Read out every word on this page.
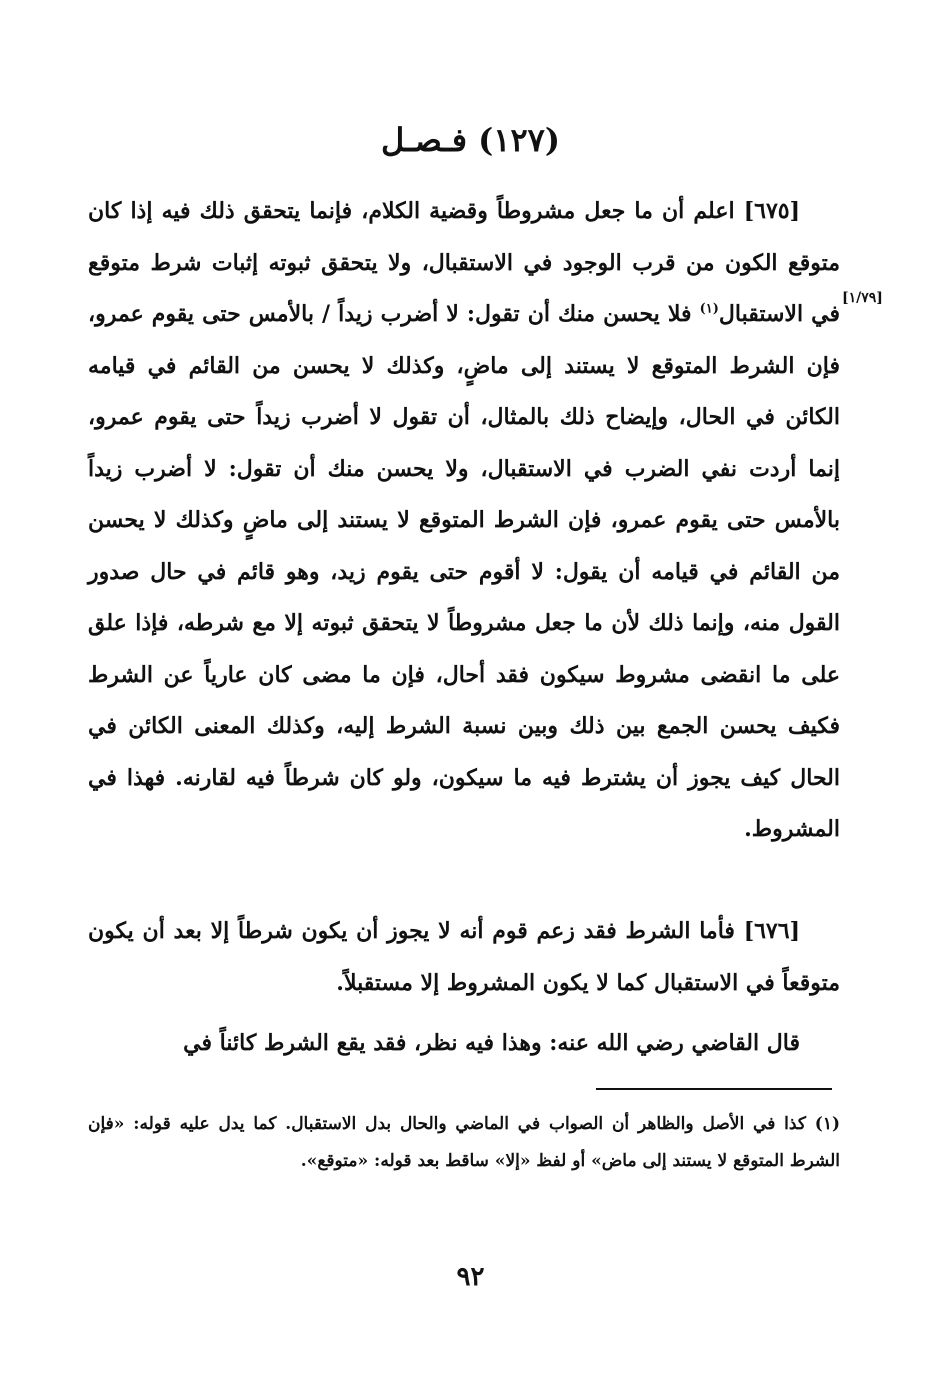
(١٢٧) فـصـل
[١/٧٩]

[٦٧٥] اعلم أن ما جعل مشروطاً وقضية الكلام، فإنما يتحقق ذلك فيه إذا كان متوقع الكون من قرب الوجود في الاستقبال، ولا يتحقق ثبوته إثبات شرط متوقع في الاستقبال$^{(١)}$ فلا يحسن منك أن تقول: لا أضرب زيداً / بالأمس حتى يقوم عمرو، فإن الشرط المتوقع لا يستند إلى ماضٍ، وكذلك لا يحسن من القائم في قيامه الكائن في الحال، وإيضاح ذلك بالمثال، أن تقول لا أضرب زيداً حتى يقوم عمرو، إنما أردت نفي الضرب في الاستقبال، ولا يحسن منك أن تقول: لا أضرب زيداً بالأمس حتى يقوم عمرو، فإن الشرط المتوقع لا يستند إلى ماضٍ وكذلك لا يحسن من القائم في قيامه أن يقول: لا أقوم حتى يقوم زيد، وهو قائم في حال صدور القول منه، وإنما ذلك لأن ما جعل مشروطاً لا يتحقق ثبوته إلا مع شرطه، فإذا علق على ما انقضى مشروط سيكون فقد أحال، فإن ما مضى كان عارياً عن الشرط فكيف يحسن الجمع بين ذلك وبين نسبة الشرط إليه، وكذلك المعنى الكائن في الحال كيف يجوز أن يشترط فيه ما سيكون، ولو كان شرطاً فيه لقارنه. فهذا في المشروط.

[٦٧٦] فأما الشرط فقد زعم قوم أنه لا يجوز أن يكون شرطاً إلا بعد أن يكون متوقعاً في الاستقبال كما لا يكون المشروط إلا مستقبلاً.

قال القاضي رضي الله عنه: وهذا فيه نظر، فقد يقع الشرط كائناً في

(١) كذا في الأصل والظاهر أن الصواب في الماضي والحال بدل الاستقبال. كما يدل عليه قوله: «فإن الشرط المتوقع لا يستند إلى ماض» أو لفظ «إلا» ساقط بعد قوله: «متوقع».

٩٢
